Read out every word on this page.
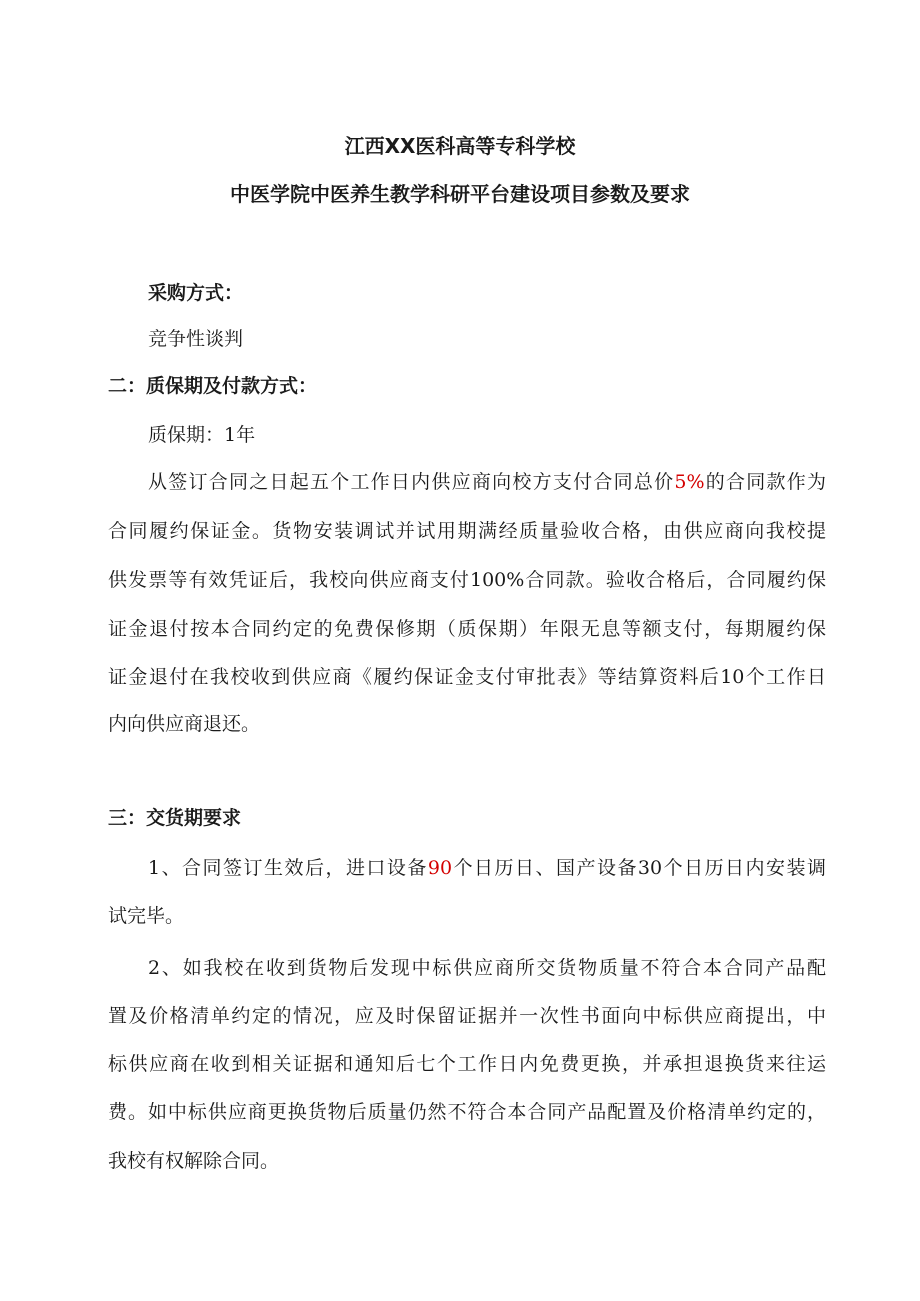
江西XX医科高等专科学校
中医学院中医养生教学科研平台建设项目参数及要求
采购方式：
竞争性谈判
二：质保期及付款方式：
质保期：1年
从签订合同之日起五个工作日内供应商向校方支付合同总价5%的合同款作为
合同履约保证金。货物安装调试并试用期满经质量验收合格，由供应商向我校提
供发票等有效凭证后，我校向供应商支付100%合同款。验收合格后，合同履约保
证金退付按本合同约定的免费保修期（质保期）年限无息等额支付，每期履约保
证金退付在我校收到供应商《履约保证金支付审批表》等结算资料后10个工作日
内向供应商退还。
三：交货期要求
1、合同签订生效后，进口设备90个日历日、国产设备30个日历日内安装调
试完毕。
2、如我校在收到货物后发现中标供应商所交货物质量不符合本合同产品配
置及价格清单约定的情况，应及时保留证据并一次性书面向中标供应商提出，中
标供应商在收到相关证据和通知后七个工作日内免费更换，并承担退换货来往运
费。如中标供应商更换货物后质量仍然不符合本合同产品配置及价格清单约定的，
我校有权解除合同。
